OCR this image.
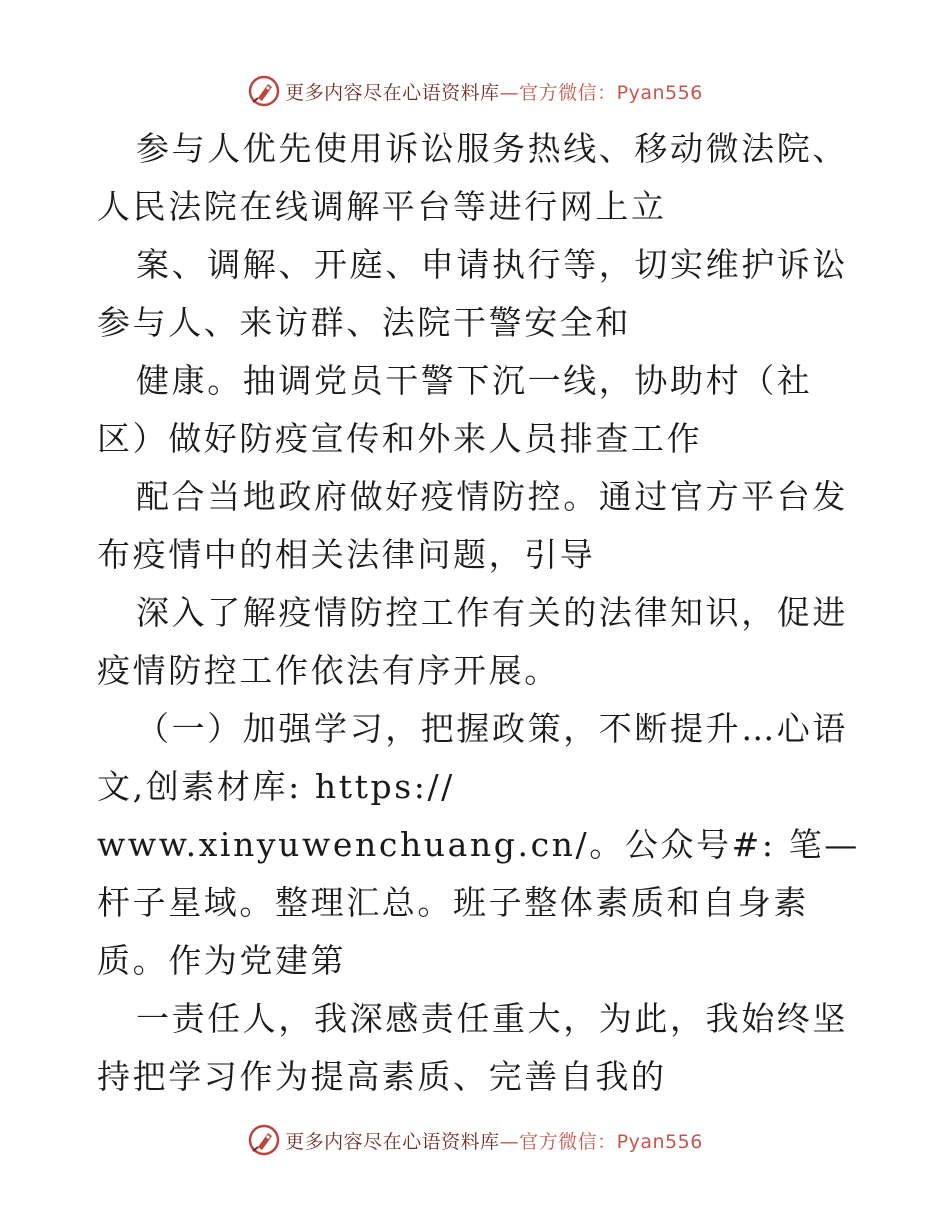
更多内容尽在心语资料库—官方微信：Pyan556

参与人优先使用诉讼服务热线、移动微法院、人民法院在线调解平台等进行网上立

案、调解、开庭、申请执行等，切实维护诉讼参与人、来访群、法院干警安全和

健康。抽调党员干警下沉一线，协助村（社区）做好防疫宣传和外来人员排查工作

配合当地政府做好疫情防控。通过官方平台发布疫情中的相关法律问题，引导

深入了解疫情防控工作有关的法律知识，促进疫情防控工作依法有序开展。

（一）加强学习，把握政策，不断提升…心语文,创素材库: https://
www.xinyuwenchuang.cn/。公众号#: 笔—杆子星域。整理汇总。班子整体素质和自身素质。作为党建第

一责任人，我深感责任重大，为此，我始终坚持把学习作为提高素质、完善自我的

更多内容尽在心语资料库—官方微信：Pyan556
